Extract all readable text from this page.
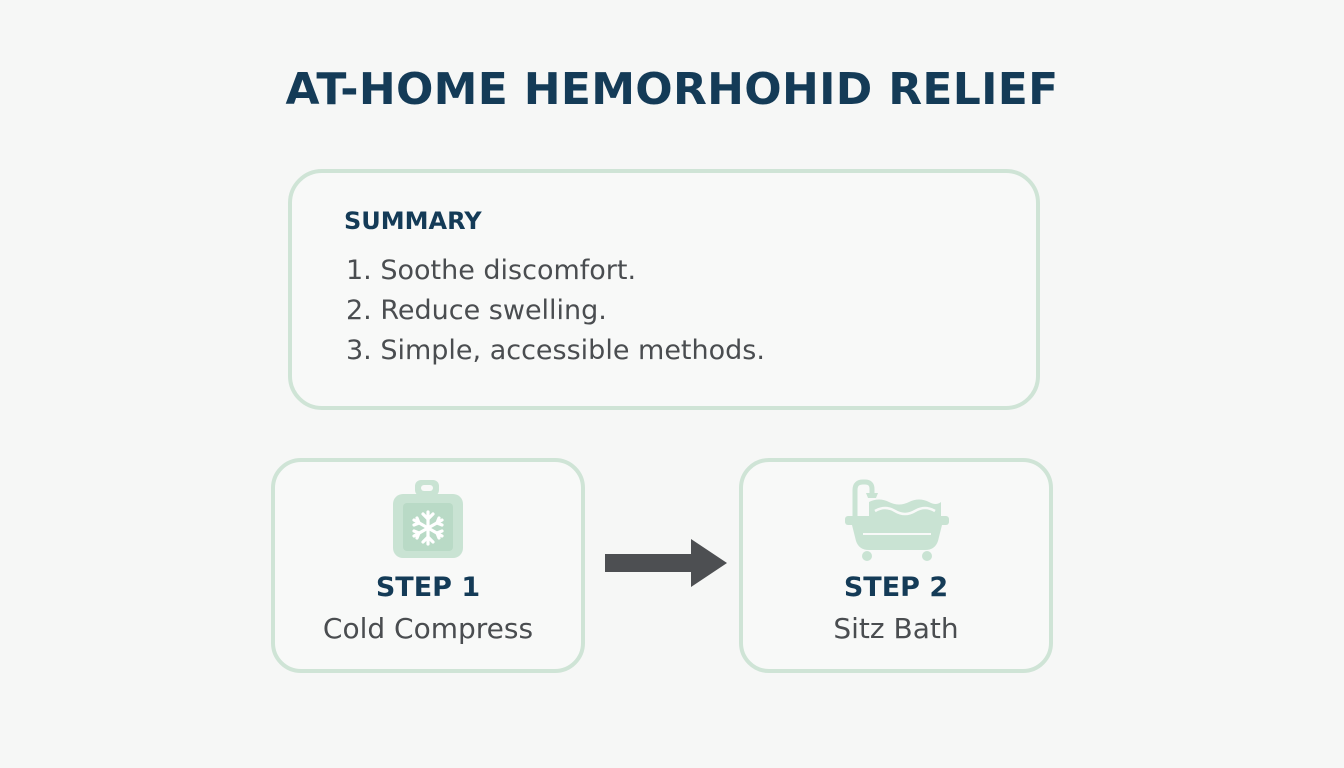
AT-HOME HEMORHOHID RELIEF
SUMMARY
1. Soothe discomfort.
2. Reduce swelling.
3. Simple, accessible methods.
STEP 1
Cold Compress
STEP 2
Sitz Bath
